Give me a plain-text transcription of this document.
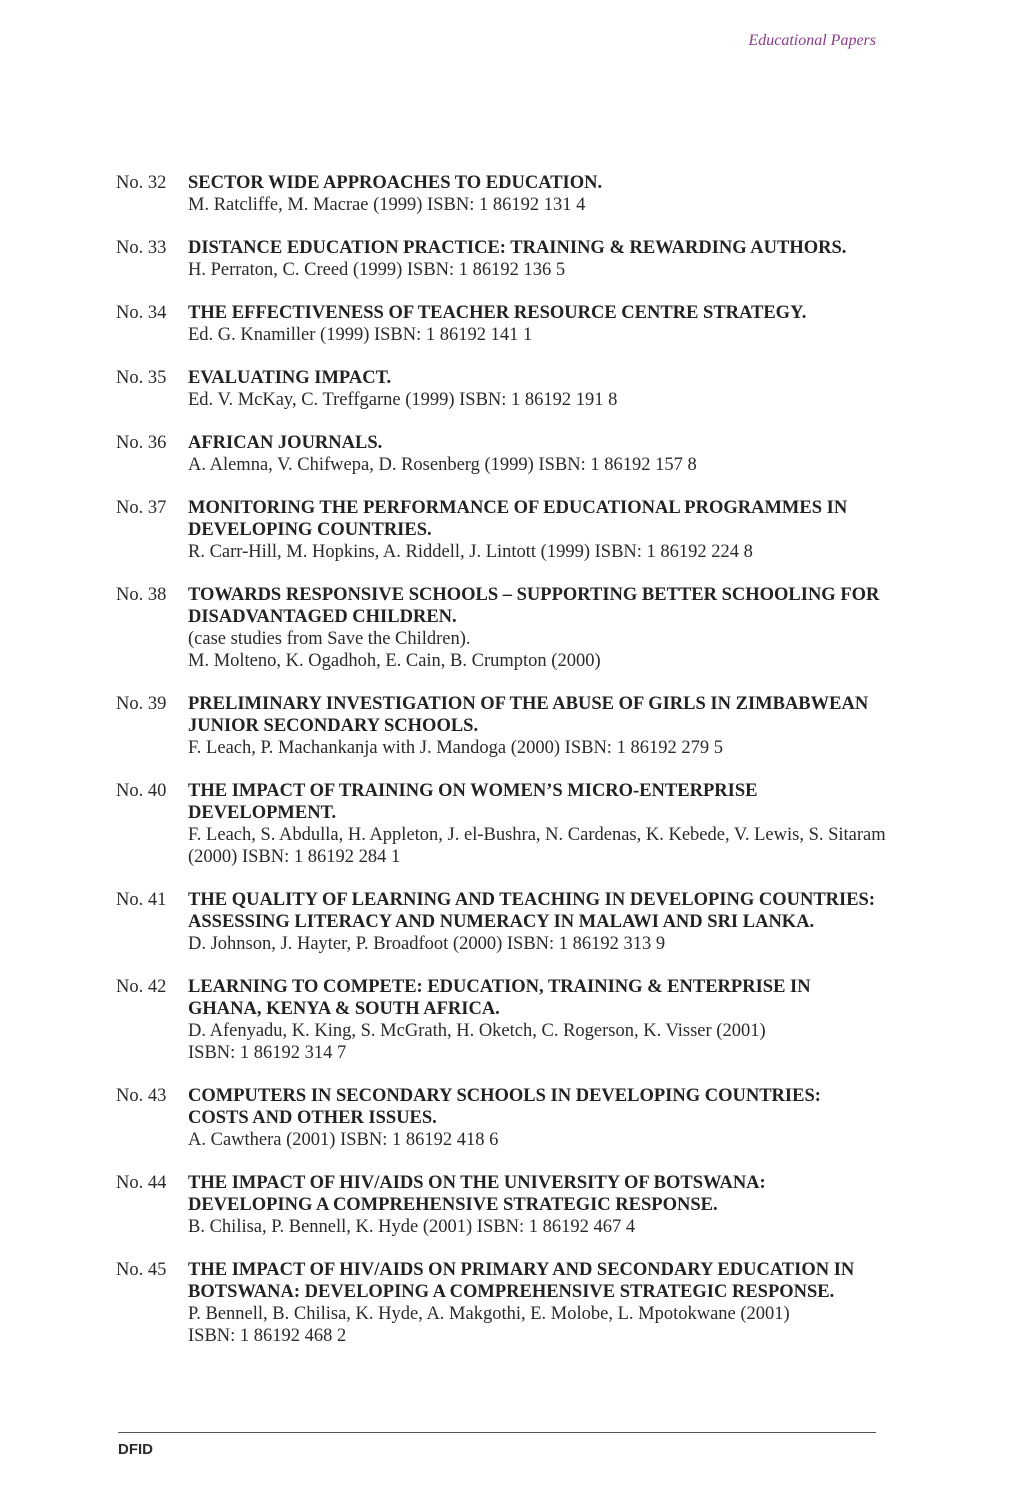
Educational Papers
No. 32	SECTOR WIDE APPROACHES TO EDUCATION.
M. Ratcliffe, M. Macrae (1999) ISBN: 1 86192 131 4
No. 33	DISTANCE EDUCATION PRACTICE: TRAINING & REWARDING AUTHORS.
H. Perraton, C. Creed (1999) ISBN: 1 86192 136 5
No. 34	THE EFFECTIVENESS OF TEACHER RESOURCE CENTRE STRATEGY.
Ed. G. Knamiller (1999) ISBN: 1 86192 141 1
No. 35	EVALUATING IMPACT.
Ed. V. McKay, C. Treffgarne (1999) ISBN: 1 86192 191 8
No. 36	AFRICAN JOURNALS.
A. Alemna, V. Chifwepa, D. Rosenberg (1999) ISBN: 1 86192 157 8
No. 37	MONITORING THE PERFORMANCE OF EDUCATIONAL PROGRAMMES IN DEVELOPING COUNTRIES.
R. Carr-Hill, M. Hopkins, A. Riddell, J. Lintott (1999) ISBN: 1 86192 224 8
No. 38	TOWARDS RESPONSIVE SCHOOLS – SUPPORTING BETTER SCHOOLING FOR DISADVANTAGED CHILDREN.
(case studies from Save the Children).
M. Molteno, K. Ogadhoh, E. Cain, B. Crumpton (2000)
No. 39	PRELIMINARY INVESTIGATION OF THE ABUSE OF GIRLS IN ZIMBABWEAN JUNIOR SECONDARY SCHOOLS.
F. Leach, P. Machankanja with J. Mandoga (2000) ISBN: 1 86192 279 5
No. 40	THE IMPACT OF TRAINING ON WOMEN’S MICRO-ENTERPRISE DEVELOPMENT.
F. Leach, S. Abdulla, H. Appleton, J. el-Bushra, N. Cardenas, K. Kebede, V. Lewis, S. Sitaram (2000) ISBN: 1 86192 284 1
No. 41	THE QUALITY OF LEARNING AND TEACHING IN DEVELOPING COUNTRIES: ASSESSING LITERACY AND NUMERACY IN MALAWI AND SRI LANKA.
D. Johnson, J. Hayter, P. Broadfoot (2000) ISBN: 1 86192 313 9
No. 42	LEARNING TO COMPETE: EDUCATION, TRAINING & ENTERPRISE IN GHANA, KENYA & SOUTH AFRICA.
D. Afenyadu, K. King, S. McGrath, H. Oketch, C. Rogerson, K. Visser (2001)
ISBN: 1 86192 314 7
No. 43	COMPUTERS IN SECONDARY SCHOOLS IN DEVELOPING COUNTRIES: COSTS AND OTHER ISSUES.
A. Cawthera (2001) ISBN: 1 86192 418 6
No. 44	THE IMPACT OF HIV/AIDS ON THE UNIVERSITY OF BOTSWANA: DEVELOPING A COMPREHENSIVE STRATEGIC RESPONSE.
B. Chilisa, P. Bennell, K. Hyde (2001) ISBN: 1 86192 467 4
No. 45	THE IMPACT OF HIV/AIDS ON PRIMARY AND SECONDARY EDUCATION IN BOTSWANA: DEVELOPING A COMPREHENSIVE STRATEGIC RESPONSE.
P. Bennell, B. Chilisa, K. Hyde, A. Makgothi, E. Molobe, L. Mpotokwane (2001)
ISBN: 1 86192 468 2
DFID
